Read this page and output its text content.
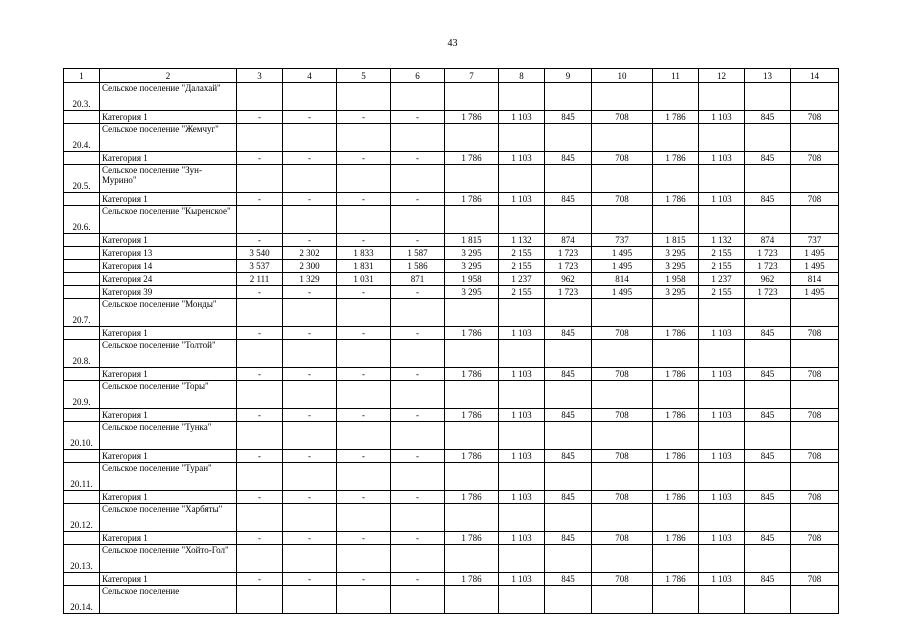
43
1	2	3	4	5	6	7	8	9	10	11	12	13	14
20.3.	Сельское поселение "Далахай"												
	Категория 1	-	-	-	-	1 786	1 103	845	708	1 786	1 103	845	708
20.4.	Сельское поселение "Жемчуг"												
	Категория 1	-	-	-	-	1 786	1 103	845	708	1 786	1 103	845	708
20.5.	Сельское поселение "Зун-Мурино"												
	Категория 1	-	-	-	-	1 786	1 103	845	708	1 786	1 103	845	708
20.6.	Сельское поселение "Кыренское"												
	Категория 1	-	-	-	-	1 815	1 132	874	737	1 815	1 132	874	737
	Категория 13	3 540	2 302	1 833	1 587	3 295	2 155	1 723	1 495	3 295	2 155	1 723	1 495
	Категория 14	3 537	2 300	1 831	1 586	3 295	2 155	1 723	1 495	3 295	2 155	1 723	1 495
	Категория 24	2 111	1 329	1 031	871	1 958	1 237	962	814	1 958	1 237	962	814
	Категория 39	-	-	-	-	3 295	2 155	1 723	1 495	3 295	2 155	1 723	1 495
20.7.	Сельское поселение "Монды"												
	Категория 1	-	-	-	-	1 786	1 103	845	708	1 786	1 103	845	708
20.8.	Сельское поселение "Толтой"												
	Категория 1	-	-	-	-	1 786	1 103	845	708	1 786	1 103	845	708
20.9.	Сельское поселение "Торы"												
	Категория 1	-	-	-	-	1 786	1 103	845	708	1 786	1 103	845	708
20.10.	Сельское поселение "Тунка"												
	Категория 1	-	-	-	-	1 786	1 103	845	708	1 786	1 103	845	708
20.11.	Сельское поселение "Туран"												
	Категория 1	-	-	-	-	1 786	1 103	845	708	1 786	1 103	845	708
20.12.	Сельское поселение "Харбяты"												
	Категория 1	-	-	-	-	1 786	1 103	845	708	1 786	1 103	845	708
20.13.	Сельское поселение "Хойто-Гол"												
	Категория 1	-	-	-	-	1 786	1 103	845	708	1 786	1 103	845	708
20.14.	Сельское поселение												
